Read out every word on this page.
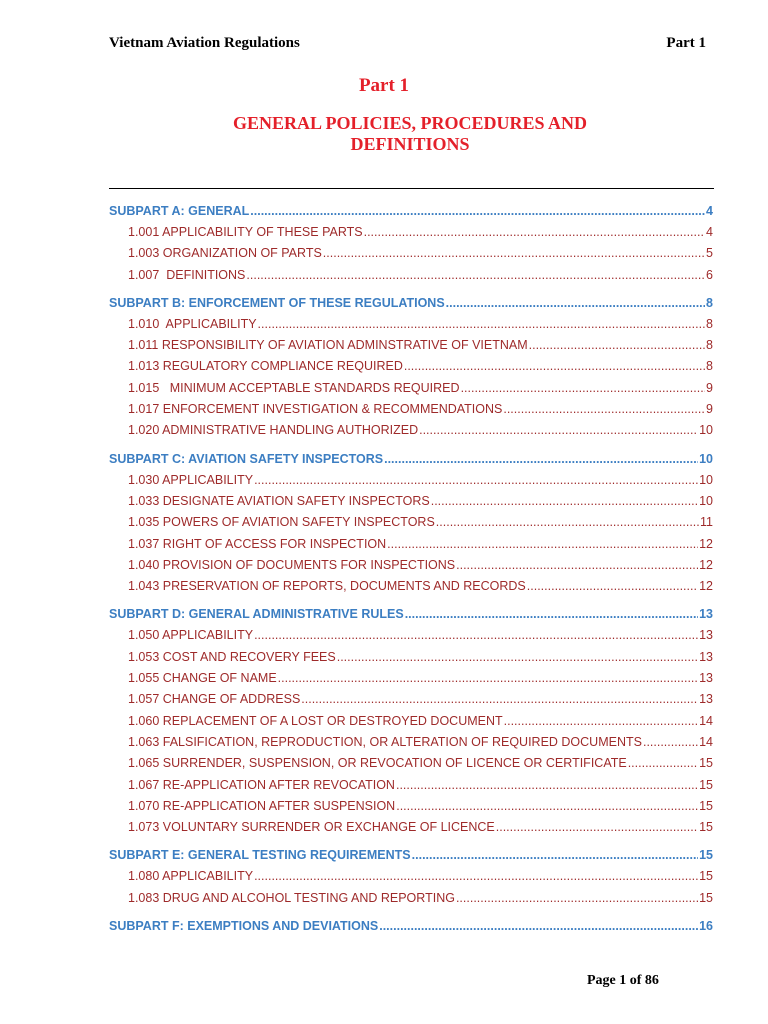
Vietnam Aviation Regulations	Part 1
Part 1
GENERAL POLICIES, PROCEDURES AND DEFINITIONS
SUBPART A: GENERAL .....	4
1.001 APPLICABILITY OF THESE PARTS .....	4
1.003 ORGANIZATION OF PARTS .....	5
1.007  DEFINITIONS .....	6
SUBPART B: ENFORCEMENT OF THESE REGULATIONS .....	8
1.010  APPLICABILITY .....	8
1.011 RESPONSIBILITY OF AVIATION ADMINSTRATIVE OF VIETNAM .....	8
1.013 REGULATORY COMPLIANCE REQUIRED .....	8
1.015   MINIMUM ACCEPTABLE STANDARDS REQUIRED .....	9
1.017 ENFORCEMENT INVESTIGATION & RECOMMENDATIONS .....	9
1.020 ADMINISTRATIVE HANDLING AUTHORIZED .....	10
SUBPART C: AVIATION SAFETY INSPECTORS .....	10
1.030 APPLICABILITY .....	10
1.033 DESIGNATE AVIATION SAFETY INSPECTORS .....	10
1.035 POWERS OF AVIATION SAFETY INSPECTORS .....	11
1.037 RIGHT OF ACCESS FOR INSPECTION .....	12
1.040 PROVISION OF DOCUMENTS FOR INSPECTIONS .....	12
1.043 PRESERVATION OF REPORTS, DOCUMENTS AND RECORDS .....	12
SUBPART D: GENERAL ADMINISTRATIVE RULES .....	13
1.050 APPLICABILITY .....	13
1.053 COST AND RECOVERY FEES .....	13
1.055 CHANGE OF NAME .....	13
1.057 CHANGE OF ADDRESS .....	13
1.060 REPLACEMENT OF A LOST OR DESTROYED DOCUMENT .....	14
1.063 FALSIFICATION, REPRODUCTION, OR ALTERATION OF REQUIRED DOCUMENTS .....	14
1.065 SURRENDER, SUSPENSION, OR REVOCATION OF LICENCE OR CERTIFICATE .....	15
1.067 RE-APPLICATION AFTER REVOCATION .....	15
1.070 RE-APPLICATION AFTER SUSPENSION .....	15
1.073 VOLUNTARY SURRENDER OR EXCHANGE OF LICENCE .....	15
SUBPART E: GENERAL TESTING REQUIREMENTS .....	15
1.080 APPLICABILITY .....	15
1.083 DRUG AND ALCOHOL TESTING AND REPORTING .....	15
SUBPART F: EXEMPTIONS AND DEVIATIONS .....	16
Page 1 of 86
